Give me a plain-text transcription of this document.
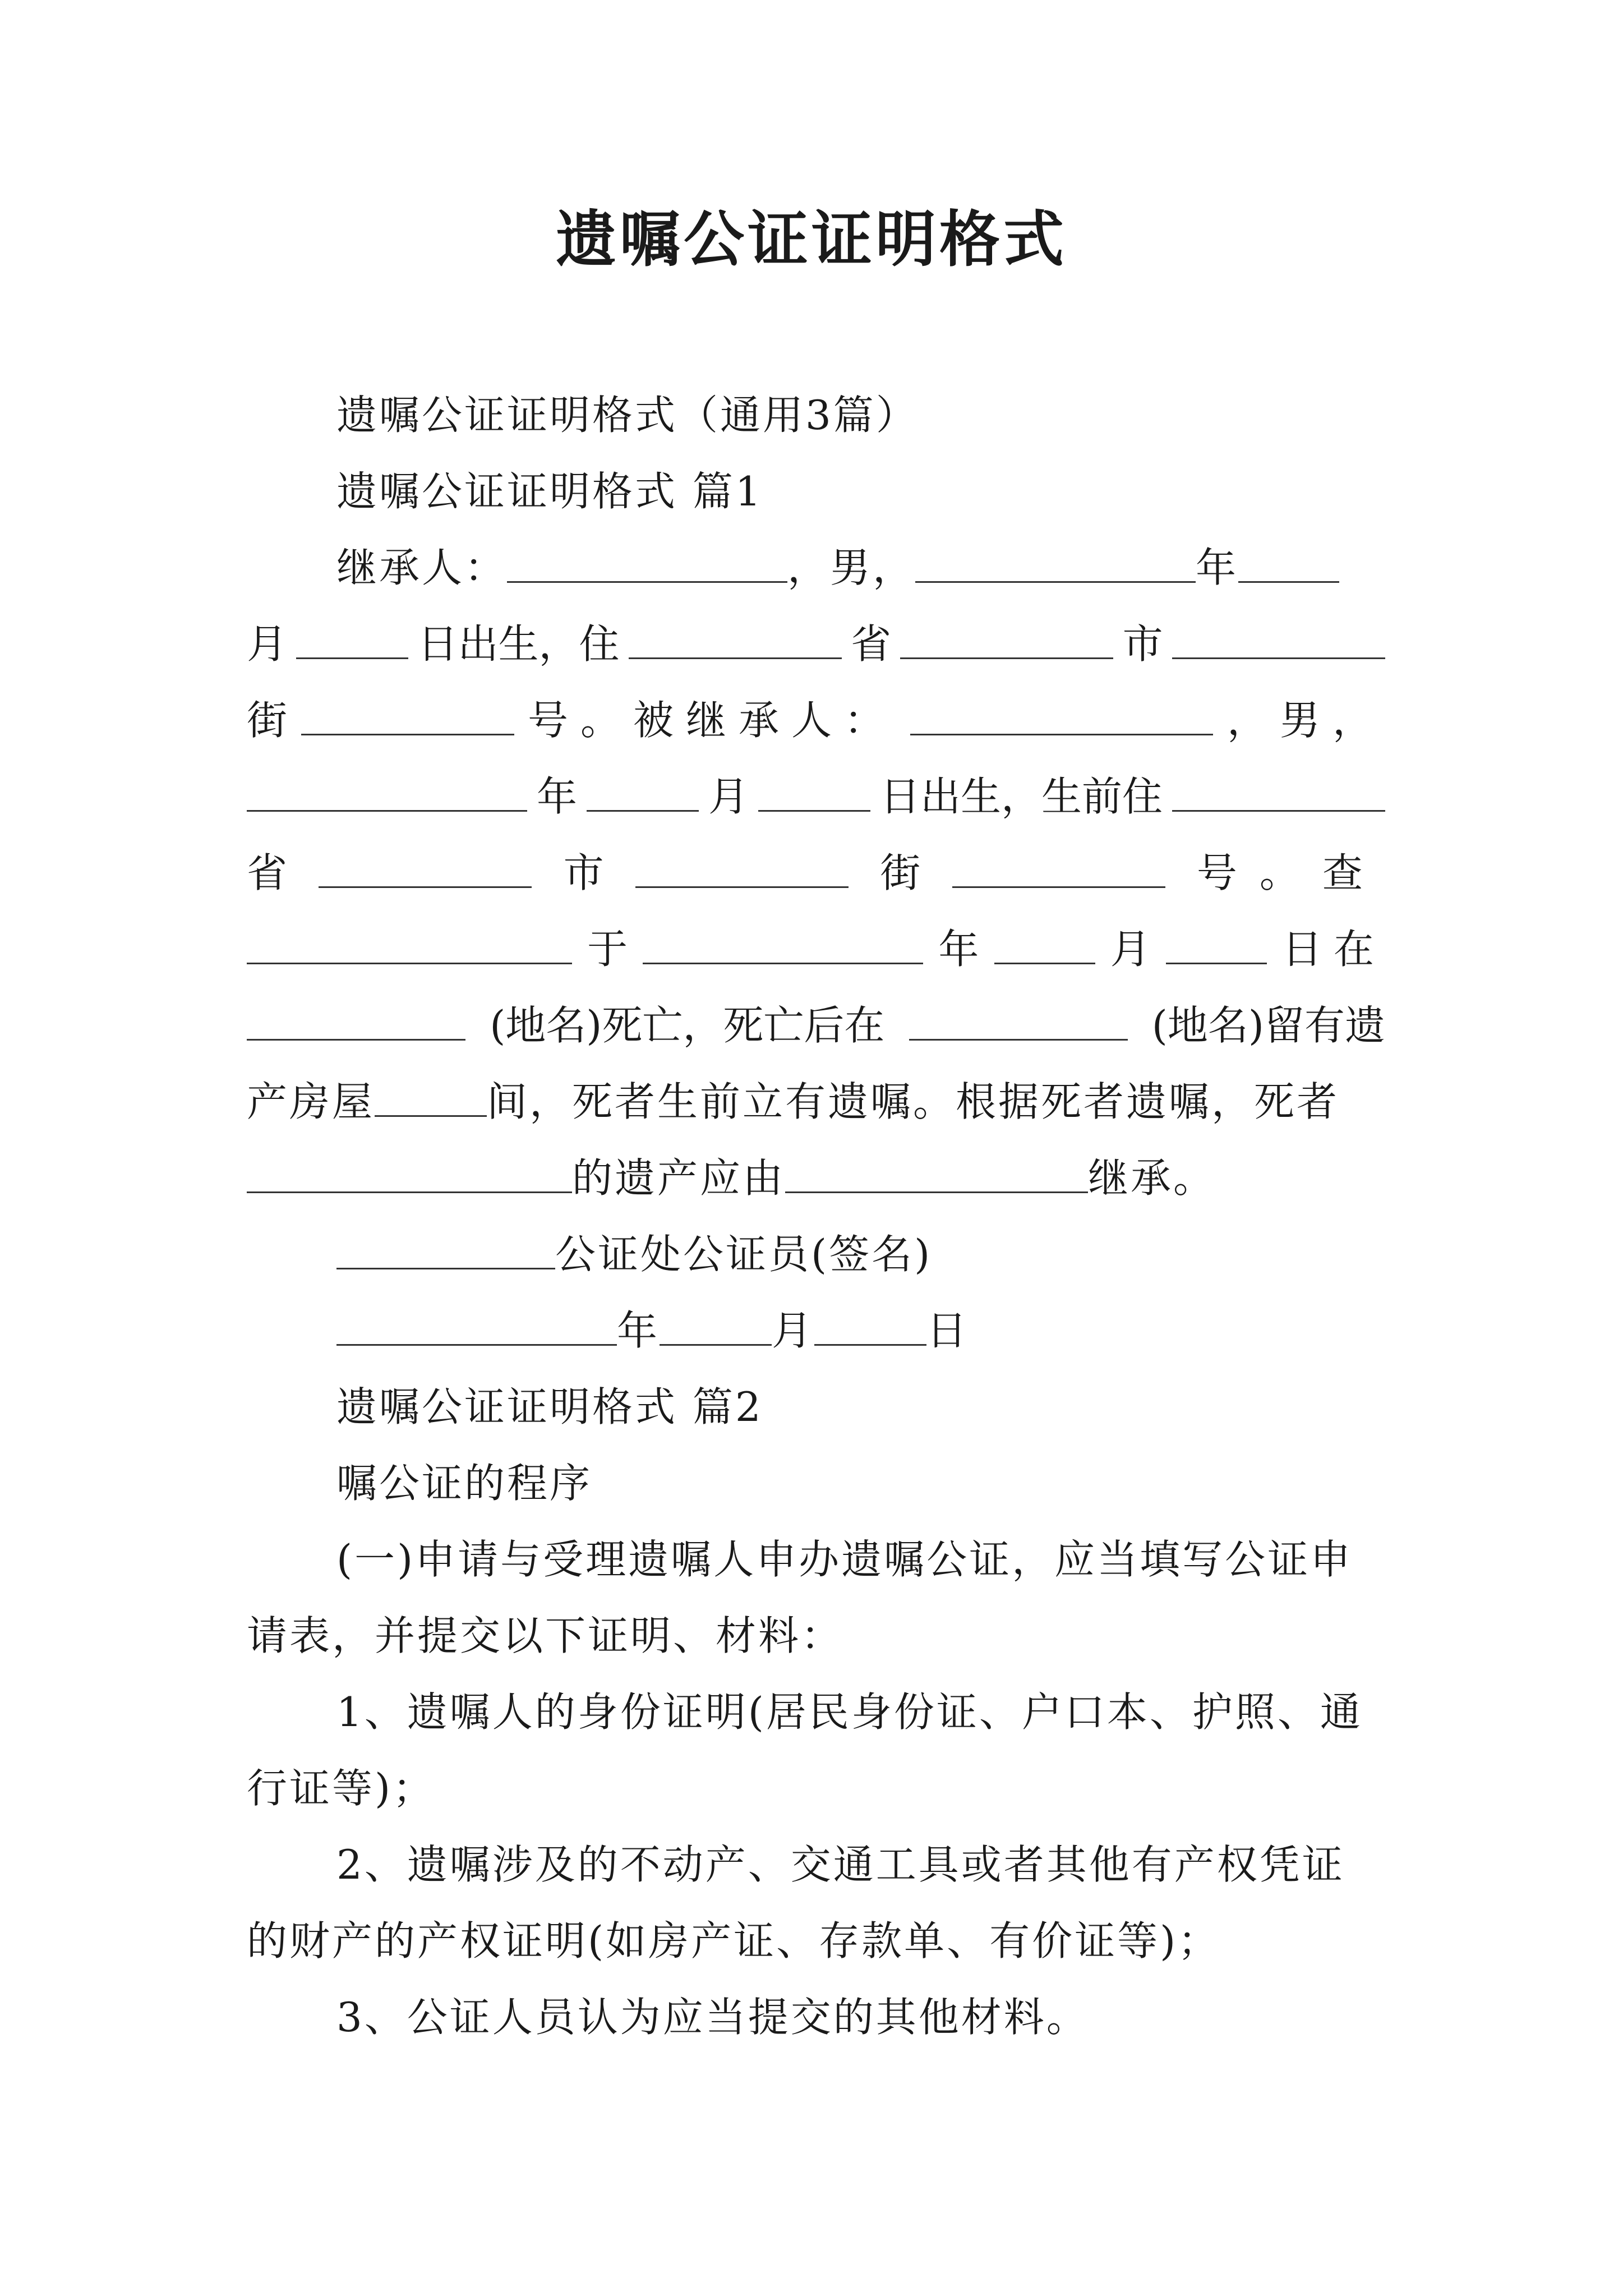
遗嘱公证证明格式
遗嘱公证证明格式（通用3篇）
遗嘱公证证明格式 篇1
继承人：	，男，	年
月	日出生，住	省	市
街	号。被继承人：	，男，
年	月	日出生，生前住
省	市	街	号。查
于	年	月	日在
(地名)死亡，死亡后在	(地名)留有遗
产房屋	间，死者生前立有遗嘱。根据死者遗嘱，死者
的遗产应由	继承。
公证处公证员(签名)
年	月	日
遗嘱公证证明格式 篇2
嘱公证的程序
(一)申请与受理遗嘱人申办遗嘱公证，应当填写公证申
请表，并提交以下证明、材料：
1、遗嘱人的身份证明(居民身份证、户口本、护照、通
行证等)；
2、遗嘱涉及的不动产、交通工具或者其他有产权凭证
的财产的产权证明(如房产证、存款单、有价证等)；
3、公证人员认为应当提交的其他材料。
